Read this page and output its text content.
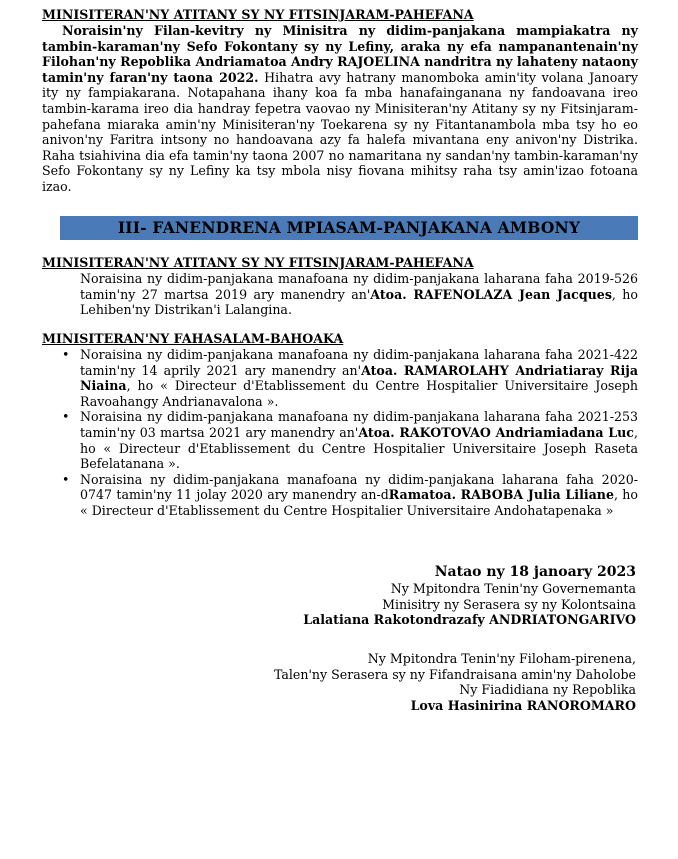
MINISITERAN'NY ATITANY SY NY FITSINJARAM-PAHEFANA
Noraisin'ny Filan-kevitry ny Minisitra ny didim-panjakana mampiakatra ny tambin-karaman'ny Sefo Fokontany sy ny Lefiny, araka ny efa nampanantenain'ny Filohan'ny Repoblika Andriamatoa Andry RAJOELINA nandritra ny lahateny nataony tamin'ny faran'ny taona 2022. Hihatra avy hatrany manomboka amin'ity volana Janoary ity ny fampiakarana. Notapahana ihany koa fa mba hanafainganana ny fandoavana ireo tambin-karama ireo dia handray fepetra vaovao ny Minisiteran'ny Atitany sy ny Fitsinjaram-pahefana miaraka amin'ny Minisiteran'ny Toekarena sy ny Fitantanambola mba tsy ho eo anivon'ny Faritra intsony no handoavana azy fa halefa mivantana eny anivon'ny Distrika. Raha tsiahivina dia efa tamin'ny taona 2007 no namaritana ny sandan'ny tambin-karaman'ny Sefo Fokontany sy ny Lefiny ka tsy mbola nisy fiovana mihitsy raha tsy amin'izao fotoana izao.
III- FANENDRENA MPIASAM-PANJAKANA AMBONY
MINISITERAN'NY ATITANY SY NY FITSINJARAM-PAHEFANA
Noraisina ny didim-panjakana manafoana ny didim-panjakana laharana faha 2019-526 tamin'ny 27 martsa 2019 ary manendry an'Atoa. RAFENOLAZA Jean Jacques, ho Lehiben'ny Distrikan'i Lalangina.
MINISITERAN'NY FAHASALAM-BAHOAKA
• Noraisina ny didim-panjakana manafoana ny didim-panjakana laharana faha 2021-422 tamin'ny 14 aprily 2021 ary manendry an'Atoa. RAMAROLAHY Andriatiaray Rija Niaina, ho « Directeur d'Etablissement du Centre Hospitalier Universitaire Joseph Ravoahangy Andrianavalona ».
• Noraisina ny didim-panjakana manafoana ny didim-panjakana laharana faha 2021-253 tamin'ny 03 martsa 2021 ary manendry an'Atoa. RAKOTOVAO Andriamiadana Luc, ho « Directeur d'Etablissement du Centre Hospitalier Universitaire Joseph Raseta Befelatanana ».
• Noraisina ny didim-panjakana manafoana ny didim-panjakana laharana faha 2020-0747 tamin'ny 11 jolay 2020 ary manendry an-dRamatoa. RABOBA Julia Liliane, ho « Directeur d'Etablissement du Centre Hospitalier Universitaire Andohatapenaka »
Natao ny 18 janoary 2023
Ny Mpitondra Tenin'ny Governemanta
Minisitry ny Serasera sy ny Kolontsaina
Lalatiana Rakotondrazafy ANDRIATONGARIVO
Ny Mpitondra Tenin'ny Filoham-pirenena,
Talen'ny Serasera sy ny Fifandraisana amin'ny Daholobe
Ny Fiadidiana ny Repoblika
Lova Hasinirina RANOROMARO
